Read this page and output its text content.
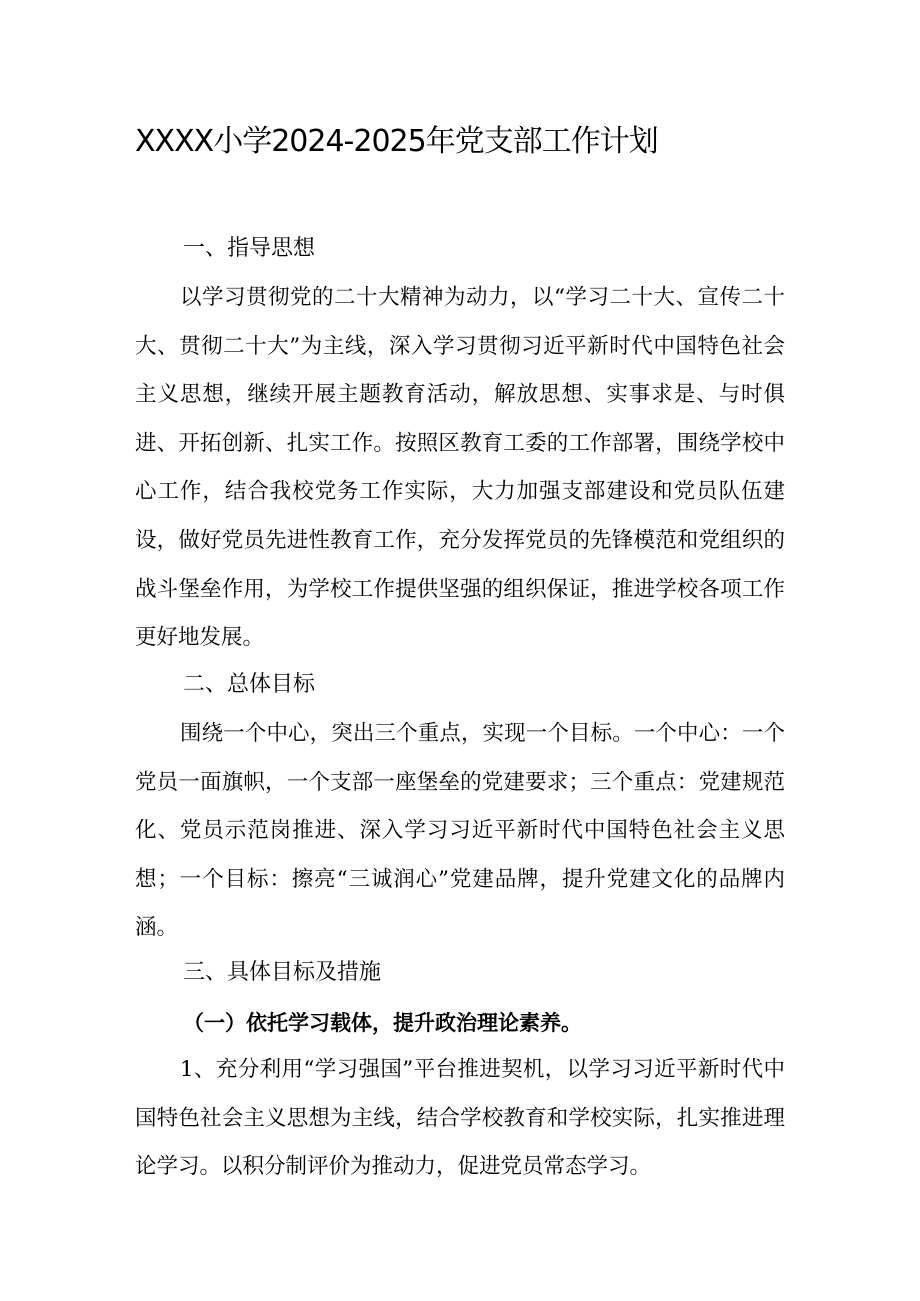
XXXX小学2024-2025年党支部工作计划
一、指导思想

以学习贯彻党的二十大精神为动力，以“学习二十大、宣传二十大、贯彻二十大”为主线，深入学习贯彻习近平新时代中国特色社会主义思想，继续开展主题教育活动，解放思想、实事求是、与时俱进、开拓创新、扎实工作。按照区教育工委的工作部署，围绕学校中心工作，结合我校党务工作实际，大力加强支部建设和党员队伍建设，做好党员先进性教育工作，充分发挥党员的先锋模范和党组织的战斗堡垒作用，为学校工作提供坚强的组织保证，推进学校各项工作更好地发展。

二、总体目标

围绕一个中心，突出三个重点，实现一个目标。一个中心：一个党员一面旗帜，一个支部一座堡垒的党建要求；三个重点：党建规范化、党员示范岗推进、深入学习习近平新时代中国特色社会主义思想；一个目标：擦亮“三诚润心”党建品牌，提升党建文化的品牌内涵。

三、具体目标及措施
（一）依托学习载体，提升政治理论素养。

1、充分利用“学习强国”平台推进契机，以学习习近平新时代中国特色社会主义思想为主线，结合学校教育和学校实际，扎实推进理论学习。以积分制评价为推动力，促进党员常态学习。
